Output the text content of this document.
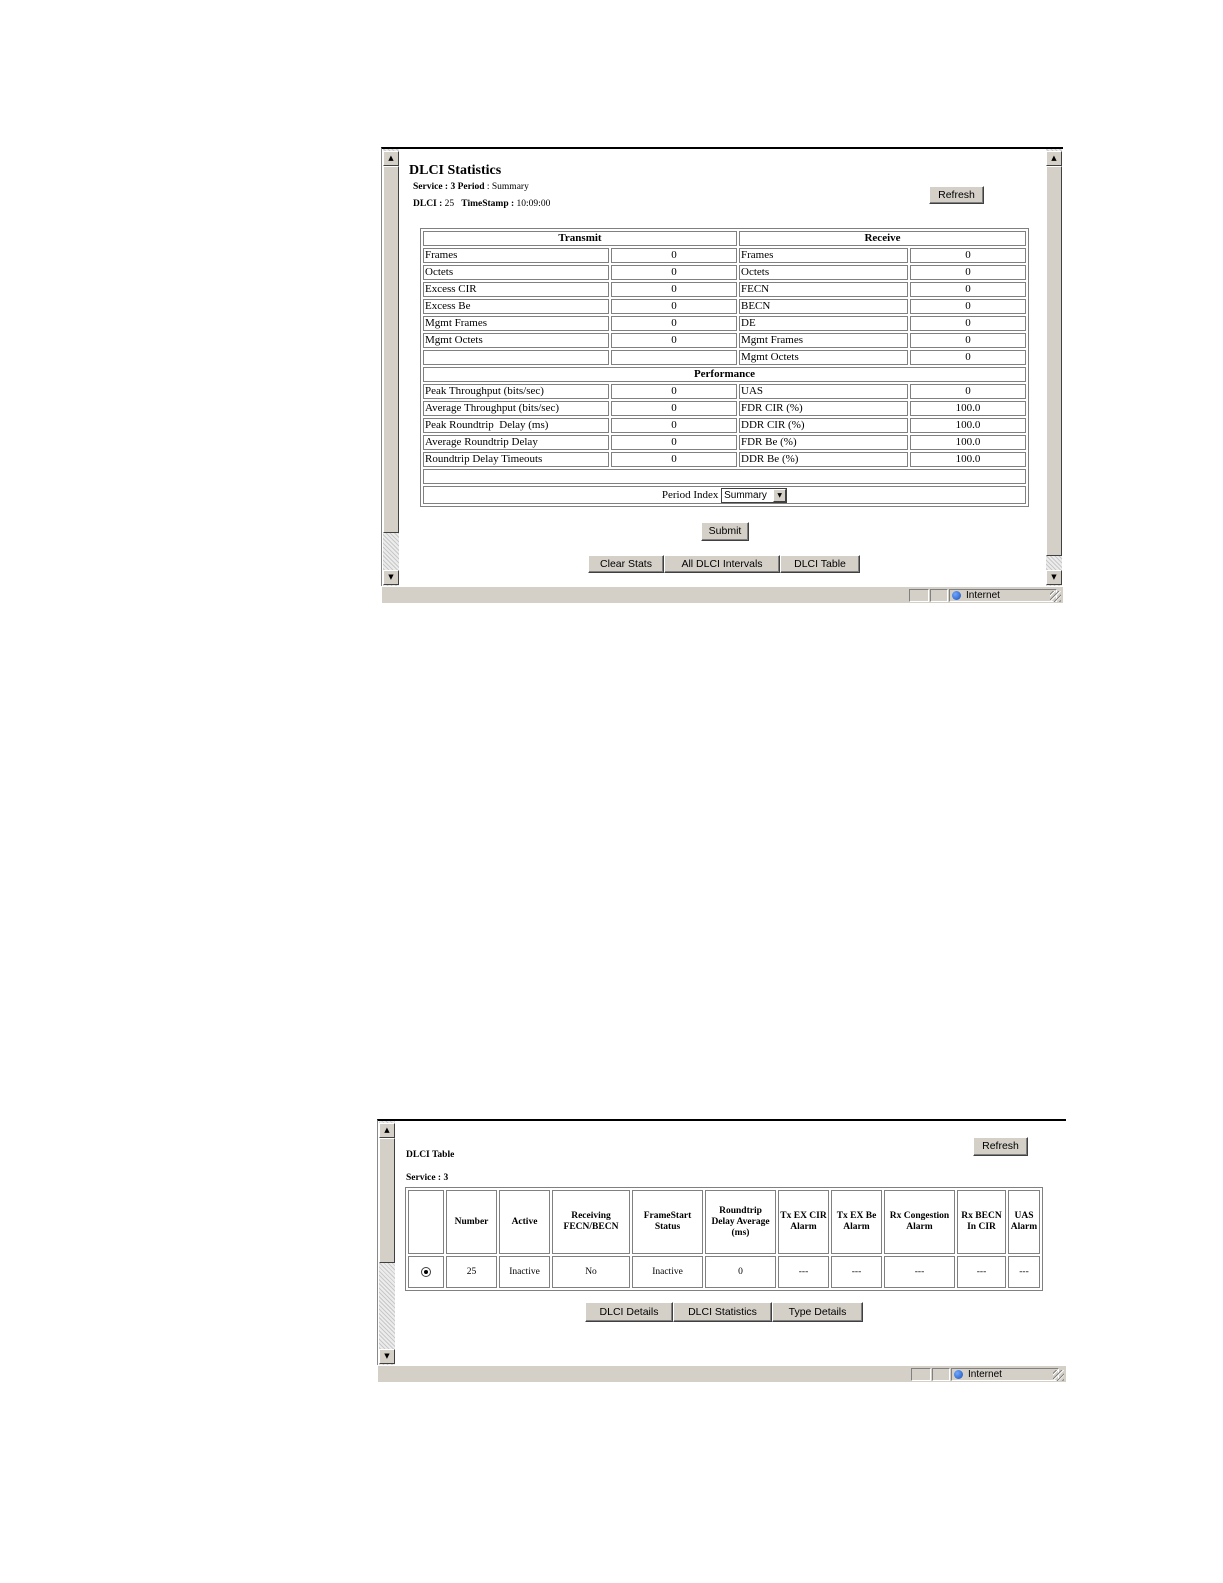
▲
▼
▲
▼
DLCI Statistics
Service : 3 Period : Summary
DLCI : 25 TimeStamp : 10:09:00
Refresh
Transmit		Receive	
Frames	0	Frames	0
Octets	0	Octets	0
Excess CIR	0	FECN	0
Excess Be	0	BECN	0
Mgmt Frames	0	DE	0
Mgmt Octets	0	Mgmt Frames	0
		Mgmt Octets	0
Performance			
Peak Throughput (bits/sec)	0	UAS	0
Average Throughput (bits/sec)	0	FDR CIR (%)	100.0
Peak Roundtrip  Delay (ms)	0	DDR CIR (%)	100.0
Average Roundtrip Delay	0	FDR Be (%)	100.0
Roundtrip Delay Timeouts	0	DDR Be (%)	100.0

Period Index Summary ▼			
Submit
Clear Stats	All DLCI Intervals	DLCI Table
Internet
▲
▼
DLCI Table
Service : 3
Refresh
	Number	Active	Receiving FECN/BECN	FrameStart Status	Roundtrip Delay Average (ms)	Tx EX CIR Alarm	Tx EX Be Alarm	Rx Congestion Alarm	Rx BECN In CIR	UAS Alarm
	25	Inactive	No	Inactive	0	---	---	---	---	---
DLCI Details	DLCI Statistics	Type Details
Internet
